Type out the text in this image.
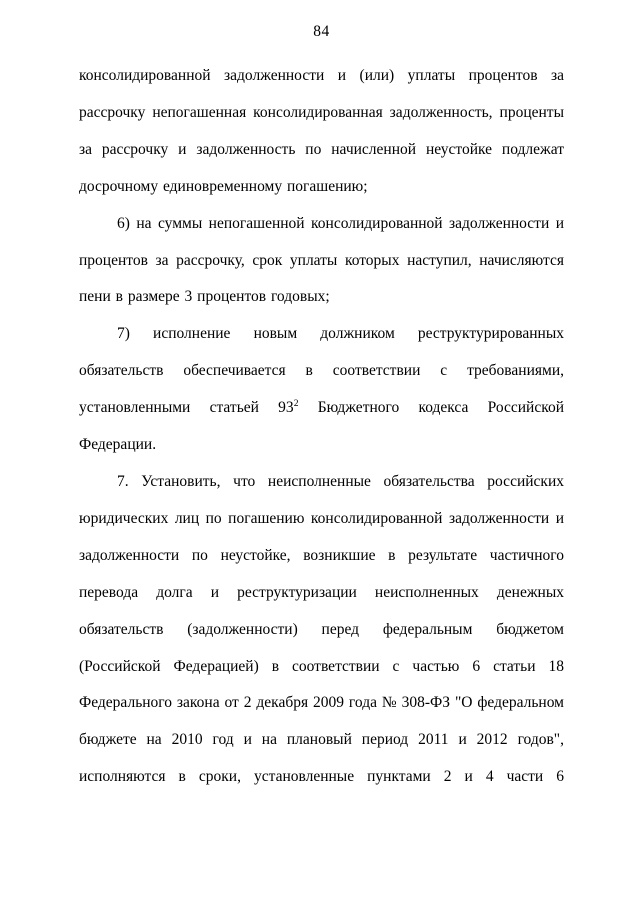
84

консолидированной задолженности и (или) уплаты процентов за рассрочку непогашенная консолидированная задолженность, проценты за рассрочку и задолженность по начисленной неустойке подлежат досрочному единовременному погашению;

6) на суммы непогашенной консолидированной задолженности и процентов за рассрочку, срок уплаты которых наступил, начисляются пени в размере 3 процентов годовых;

7) исполнение новым должником реструктурированных обязательств обеспечивается в соответствии с требованиями, установленными статьей $93^2$ Бюджетного кодекса Российской Федерации.

7. Установить, что неисполненные обязательства российских юридических лиц по погашению консолидированной задолженности и задолженности по неустойке, возникшие в результате частичного перевода долга и реструктуризации неисполненных денежных обязательств (задолженности) перед федеральным бюджетом (Российской Федерацией) в соответствии с частью 6 статьи 18 Федерального закона от 2 декабря 2009 года № 308-ФЗ "О федеральном бюджете на 2010 год и на плановый период 2011 и 2012 годов", исполняются в сроки, установленные пунктами 2 и 4 части 6
